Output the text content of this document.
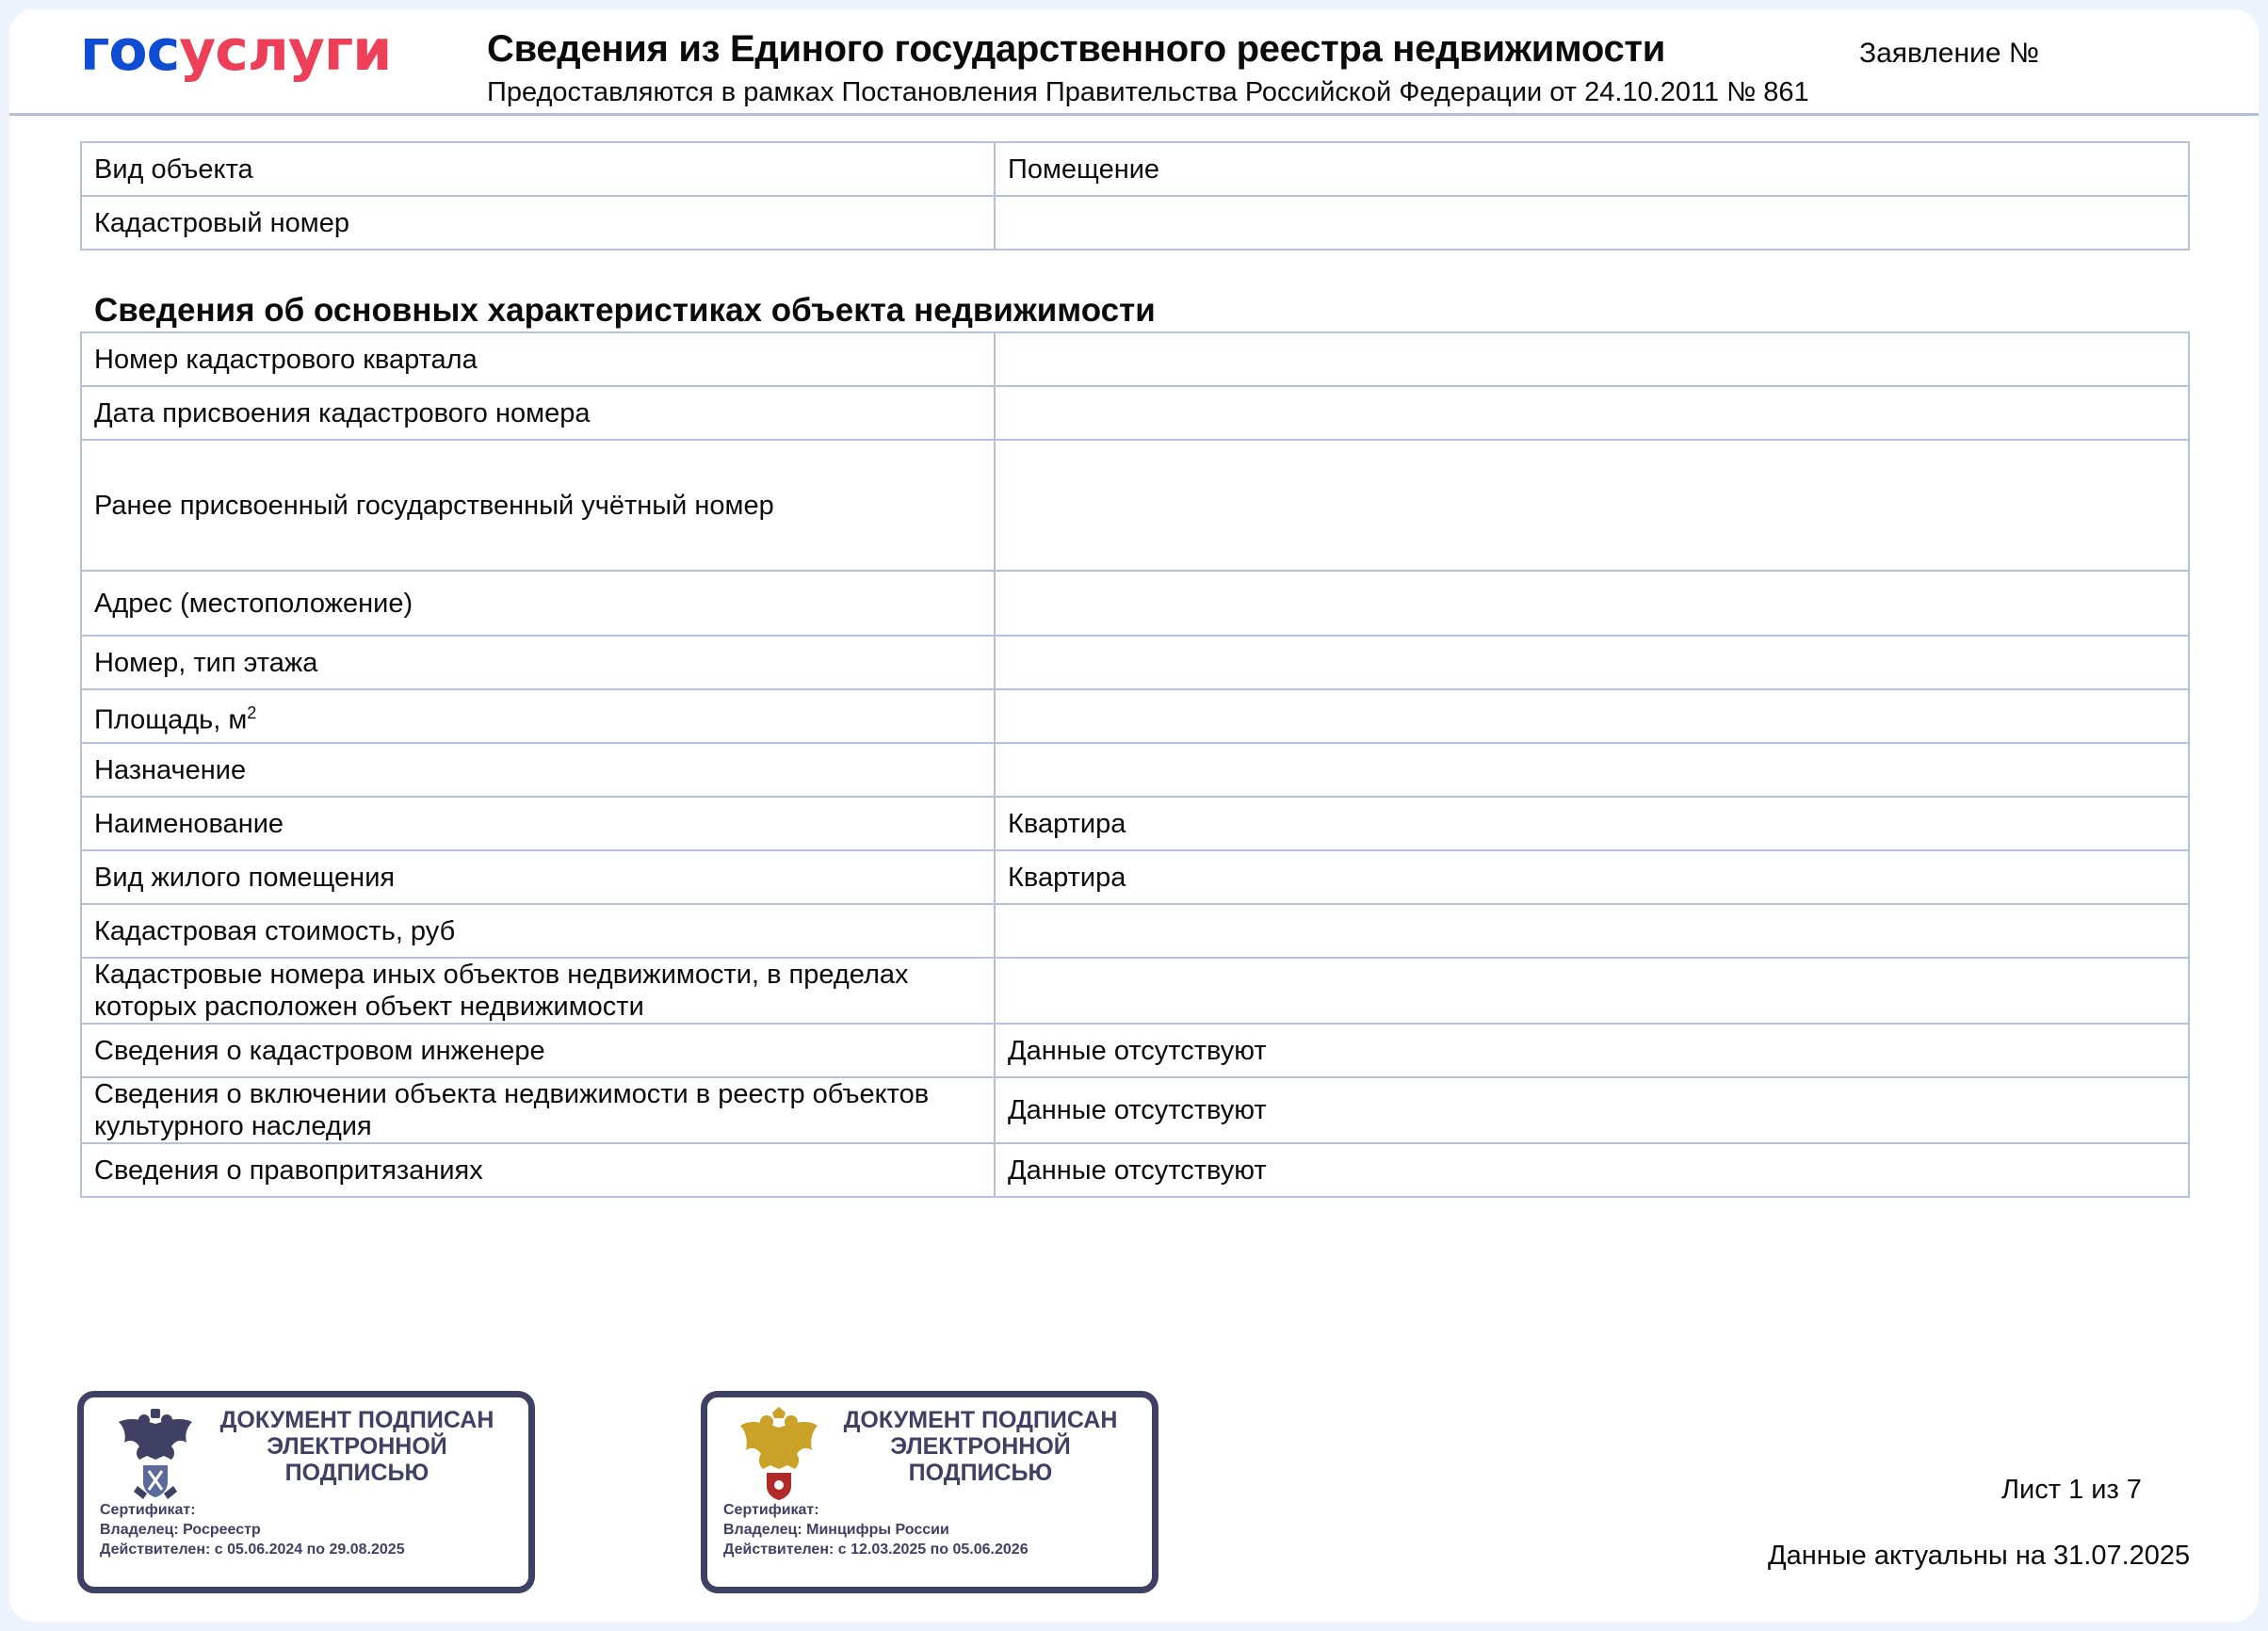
госуслуги	Сведения из Единого государственного реестра недвижимости
Предоставляются в рамках Постановления Правительства Российской Федерации от 24.10.2011 № 861
Заявление №
Вид объекта	Помещение
Кадастровый номер	
Сведения об основных характеристиках объекта недвижимости
Номер кадастрового квартала	
Дата присвоения кадастрового номера	
Ранее присвоенный государственный учётный номер	
Адрес (местоположение)	
Номер, тип этажа	
Площадь, $м^2$	
Назначение	
Наименование	Квартира
Вид жилого помещения	Квартира
Кадастровая стоимость, руб	
Кадастровые номера иных объектов недвижимости, в пределах которых расположен объект недвижимости	
Сведения о кадастровом инженере	Данные отсутствуют
Сведения о включении объекта недвижимости в реестр объектов культурного наследия	Данные отсутствуют
Сведения о правопритязаниях	Данные отсутствуют
ДОКУМЕНТ ПОДПИСАН ЭЛЕКТРОННОЙ ПОДПИСЬЮ
Сертификат:
Владелец: Росреестр
Действителен: с 05.06.2024 по 29.08.2025
ДОКУМЕНТ ПОДПИСАН ЭЛЕКТРОННОЙ ПОДПИСЬЮ
Сертификат:
Владелец: Минцифры России
Действителен: с 12.03.2025 по 05.06.2026
Лист 1 из 7
Данные актуальны на 31.07.2025
